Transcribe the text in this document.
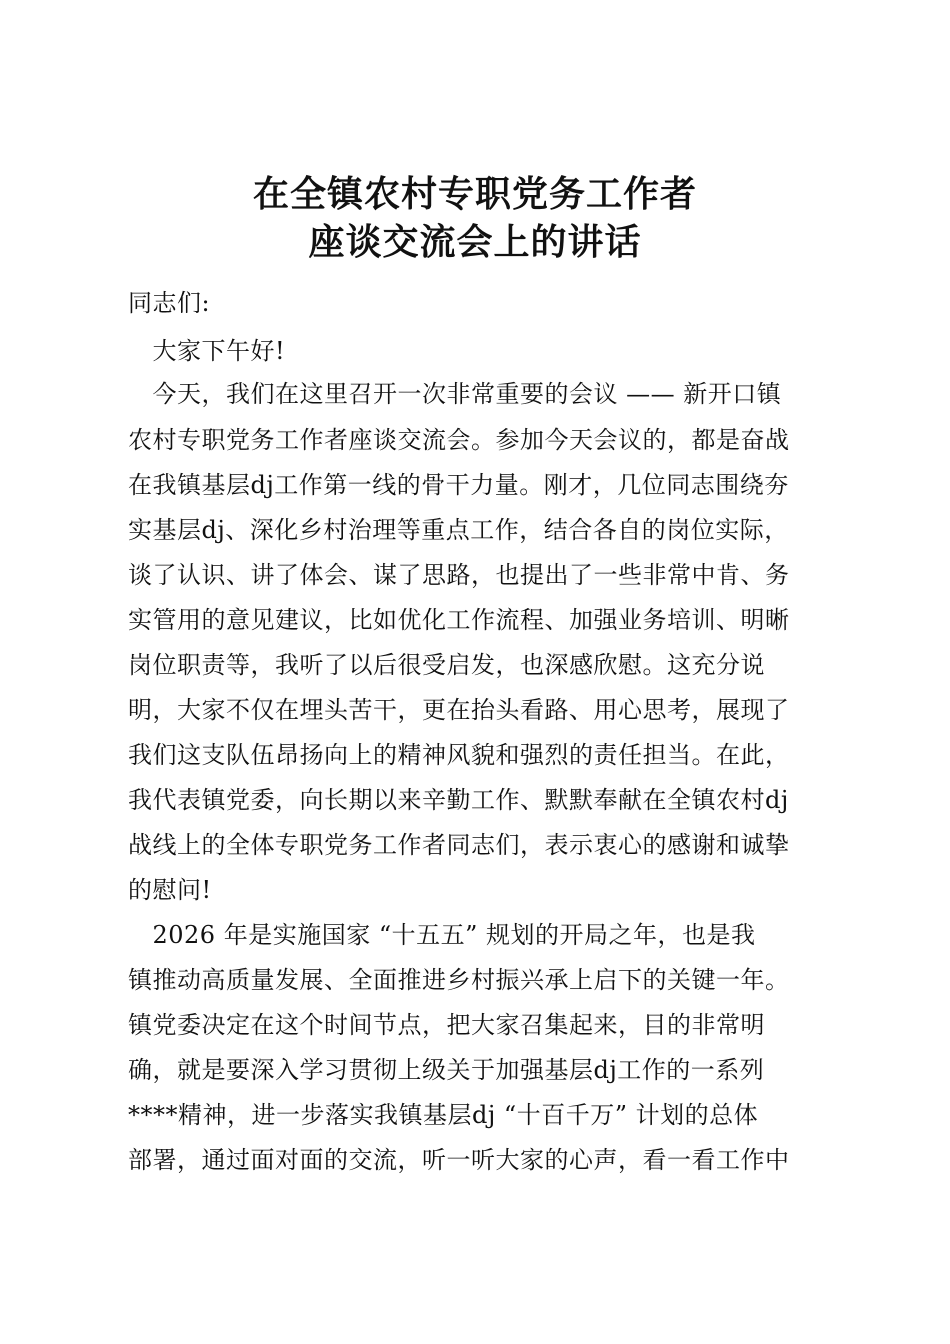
在全镇农村专职党务工作者
座谈交流会上的讲话

同志们:

　大家下午好!

　今天，我们在这里召开一次非常重要的会议 —— 新开口镇

农村专职党务工作者座谈交流会。参加今天会议的，都是奋战

在我镇基层dj工作第一线的骨干力量。刚才，几位同志围绕夯

实基层dj、深化乡村治理等重点工作，结合各自的岗位实际，

谈了认识、讲了体会、谋了思路，也提出了一些非常中肯、务

实管用的意见建议，比如优化工作流程、加强业务培训、明晰

岗位职责等，我听了以后很受启发，也深感欣慰。这充分说

明，大家不仅在埋头苦干，更在抬头看路、用心思考，展现了

我们这支队伍昂扬向上的精神风貌和强烈的责任担当。在此，

我代表镇党委，向长期以来辛勤工作、默默奉献在全镇农村dj

战线上的全体专职党务工作者同志们，表示衷心的感谢和诚挚

的慰问!

　2026 年是实施国家 “十五五” 规划的开局之年，也是我

镇推动高质量发展、全面推进乡村振兴承上启下的关键一年。

镇党委决定在这个时间节点，把大家召集起来，目的非常明

确，就是要深入学习贯彻上级关于加强基层dj工作的一系列

****精神，进一步落实我镇基层dj “十百千万” 计划的总体

部署，通过面对面的交流，听一听大家的心声，看一看工作中
